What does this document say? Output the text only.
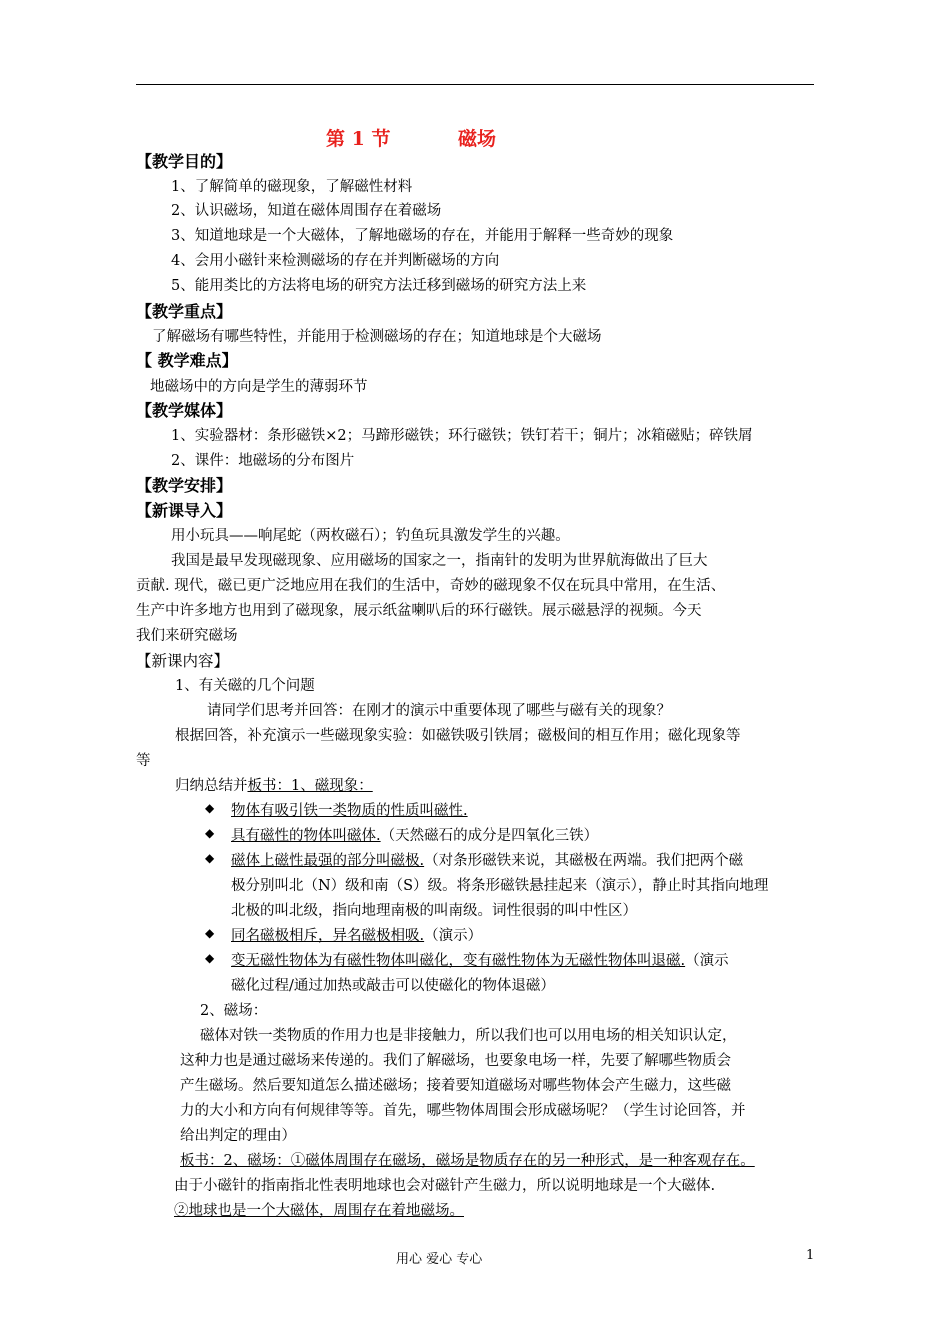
第 1 节	磁场
【教学目的】
1、了解简单的磁现象，了解磁性材料
2、认识磁场，知道在磁体周围存在着磁场
3、知道地球是一个大磁体，了解地磁场的存在，并能用于解释一些奇妙的现象
4、会用小磁针来检测磁场的存在并判断磁场的方向
5、能用类比的方法将电场的研究方法迁移到磁场的研究方法上来
【教学重点】
了解磁场有哪些特性，并能用于检测磁场的存在；知道地球是个大磁场
【 教学难点】
地磁场中的方向是学生的薄弱环节
【教学媒体】
1、实验器材：条形磁铁×2；马蹄形磁铁；环行磁铁；铁钉若干；铜片；冰箱磁贴；碎铁屑
2、课件：地磁场的分布图片
【教学安排】
【新课导入】
用小玩具——响尾蛇（两枚磁石）；钓鱼玩具激发学生的兴趣。
我国是最早发现磁现象、应用磁场的国家之一，指南针的发明为世界航海做出了巨大
贡献. 现代，磁已更广泛地应用在我们的生活中，奇妙的磁现象不仅在玩具中常用，在生活、
生产中许多地方也用到了磁现象，展示纸盆喇叭后的环行磁铁。展示磁悬浮的视频。今天
我们来研究磁场
【新课内容】
1、有关磁的几个问题
请同学们思考并回答：在刚才的演示中重要体现了哪些与磁有关的现象？
根据回答，补充演示一些磁现象实验：如磁铁吸引铁屑；磁极间的相互作用；磁化现象等
等
归纳总结并板书：1、磁现象：
◆ 物体有吸引铁一类物质的性质叫磁性.
◆ 具有磁性的物体叫磁体.（天然磁石的成分是四氧化三铁）
◆ 磁体上磁性最强的部分叫磁极.（对条形磁铁来说，其磁极在两端。我们把两个磁
极分别叫北（N）级和南（S）级。将条形磁铁悬挂起来（演示），静止时其指向地理
北极的叫北级，指向地理南极的叫南级。词性很弱的叫中性区）
◆ 同名磁极相斥，异名磁极相吸.（演示）
◆ 变无磁性物体为有磁性物体叫磁化，变有磁性物体为无磁性物体叫退磁.（演示
磁化过程/通过加热或敲击可以使磁化的物体退磁）
2、磁场：
磁体对铁一类物质的作用力也是非接触力，所以我们也可以用电场的相关知识认定，
这种力也是通过磁场来传递的。我们了解磁场，也要象电场一样，先要了解哪些物质会
产生磁场。然后要知道怎么描述磁场；接着要知道磁场对哪些物体会产生磁力，这些磁
力的大小和方向有何规律等等。首先，哪些物体周围会形成磁场呢？（学生讨论回答，并
给出判定的理由）
板书：2、磁场：①磁体周围存在磁场，磁场是物质存在的另一种形式，是一种客观存在。
由于小磁针的指南指北性表明地球也会对磁针产生磁力，所以说明地球是一个大磁体.
②地球也是一个大磁体，周围存在着地磁场。
用心 爱心 专心	1
